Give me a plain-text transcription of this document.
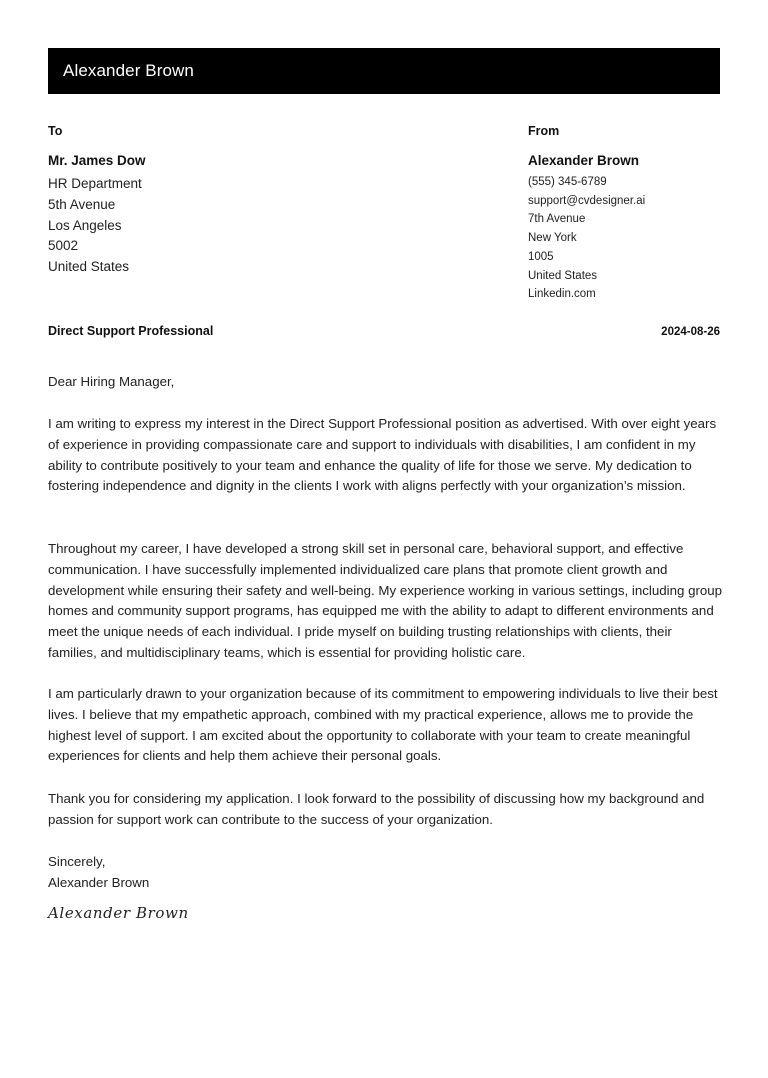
Alexander Brown
To	From
Mr. James Dow
HR Department
5th Avenue
Los Angeles
5002
United States
Alexander Brown
(555) 345-6789
support@cvdesigner.ai
7th Avenue
New York
1005
United States
Linkedin.com
Direct Support Professional	2024-08-26

Dear Hiring Manager,

I am writing to express my interest in the Direct Support Professional position as advertised. With over eight years of experience in providing compassionate care and support to individuals with disabilities, I am confident in my ability to contribute positively to your team and enhance the quality of life for those we serve. My dedication to fostering independence and dignity in the clients I work with aligns perfectly with your organization’s mission.

Throughout my career, I have developed a strong skill set in personal care, behavioral support, and effective communication. I have successfully implemented individualized care plans that promote client growth and development while ensuring their safety and well-being. My experience working in various settings, including group homes and community support programs, has equipped me with the ability to adapt to different environments and meet the unique needs of each individual. I pride myself on building trusting relationships with clients, their families, and multidisciplinary teams, which is essential for providing holistic care.

I am particularly drawn to your organization because of its commitment to empowering individuals to live their best lives. I believe that my empathetic approach, combined with my practical experience, allows me to provide the highest level of support. I am excited about the opportunity to collaborate with your team to create meaningful experiences for clients and help them achieve their personal goals.

Thank you for considering my application. I look forward to the possibility of discussing how my background and passion for support work can contribute to the success of your organization.

Sincerely,

Alexander Brown

Alexander Brown
